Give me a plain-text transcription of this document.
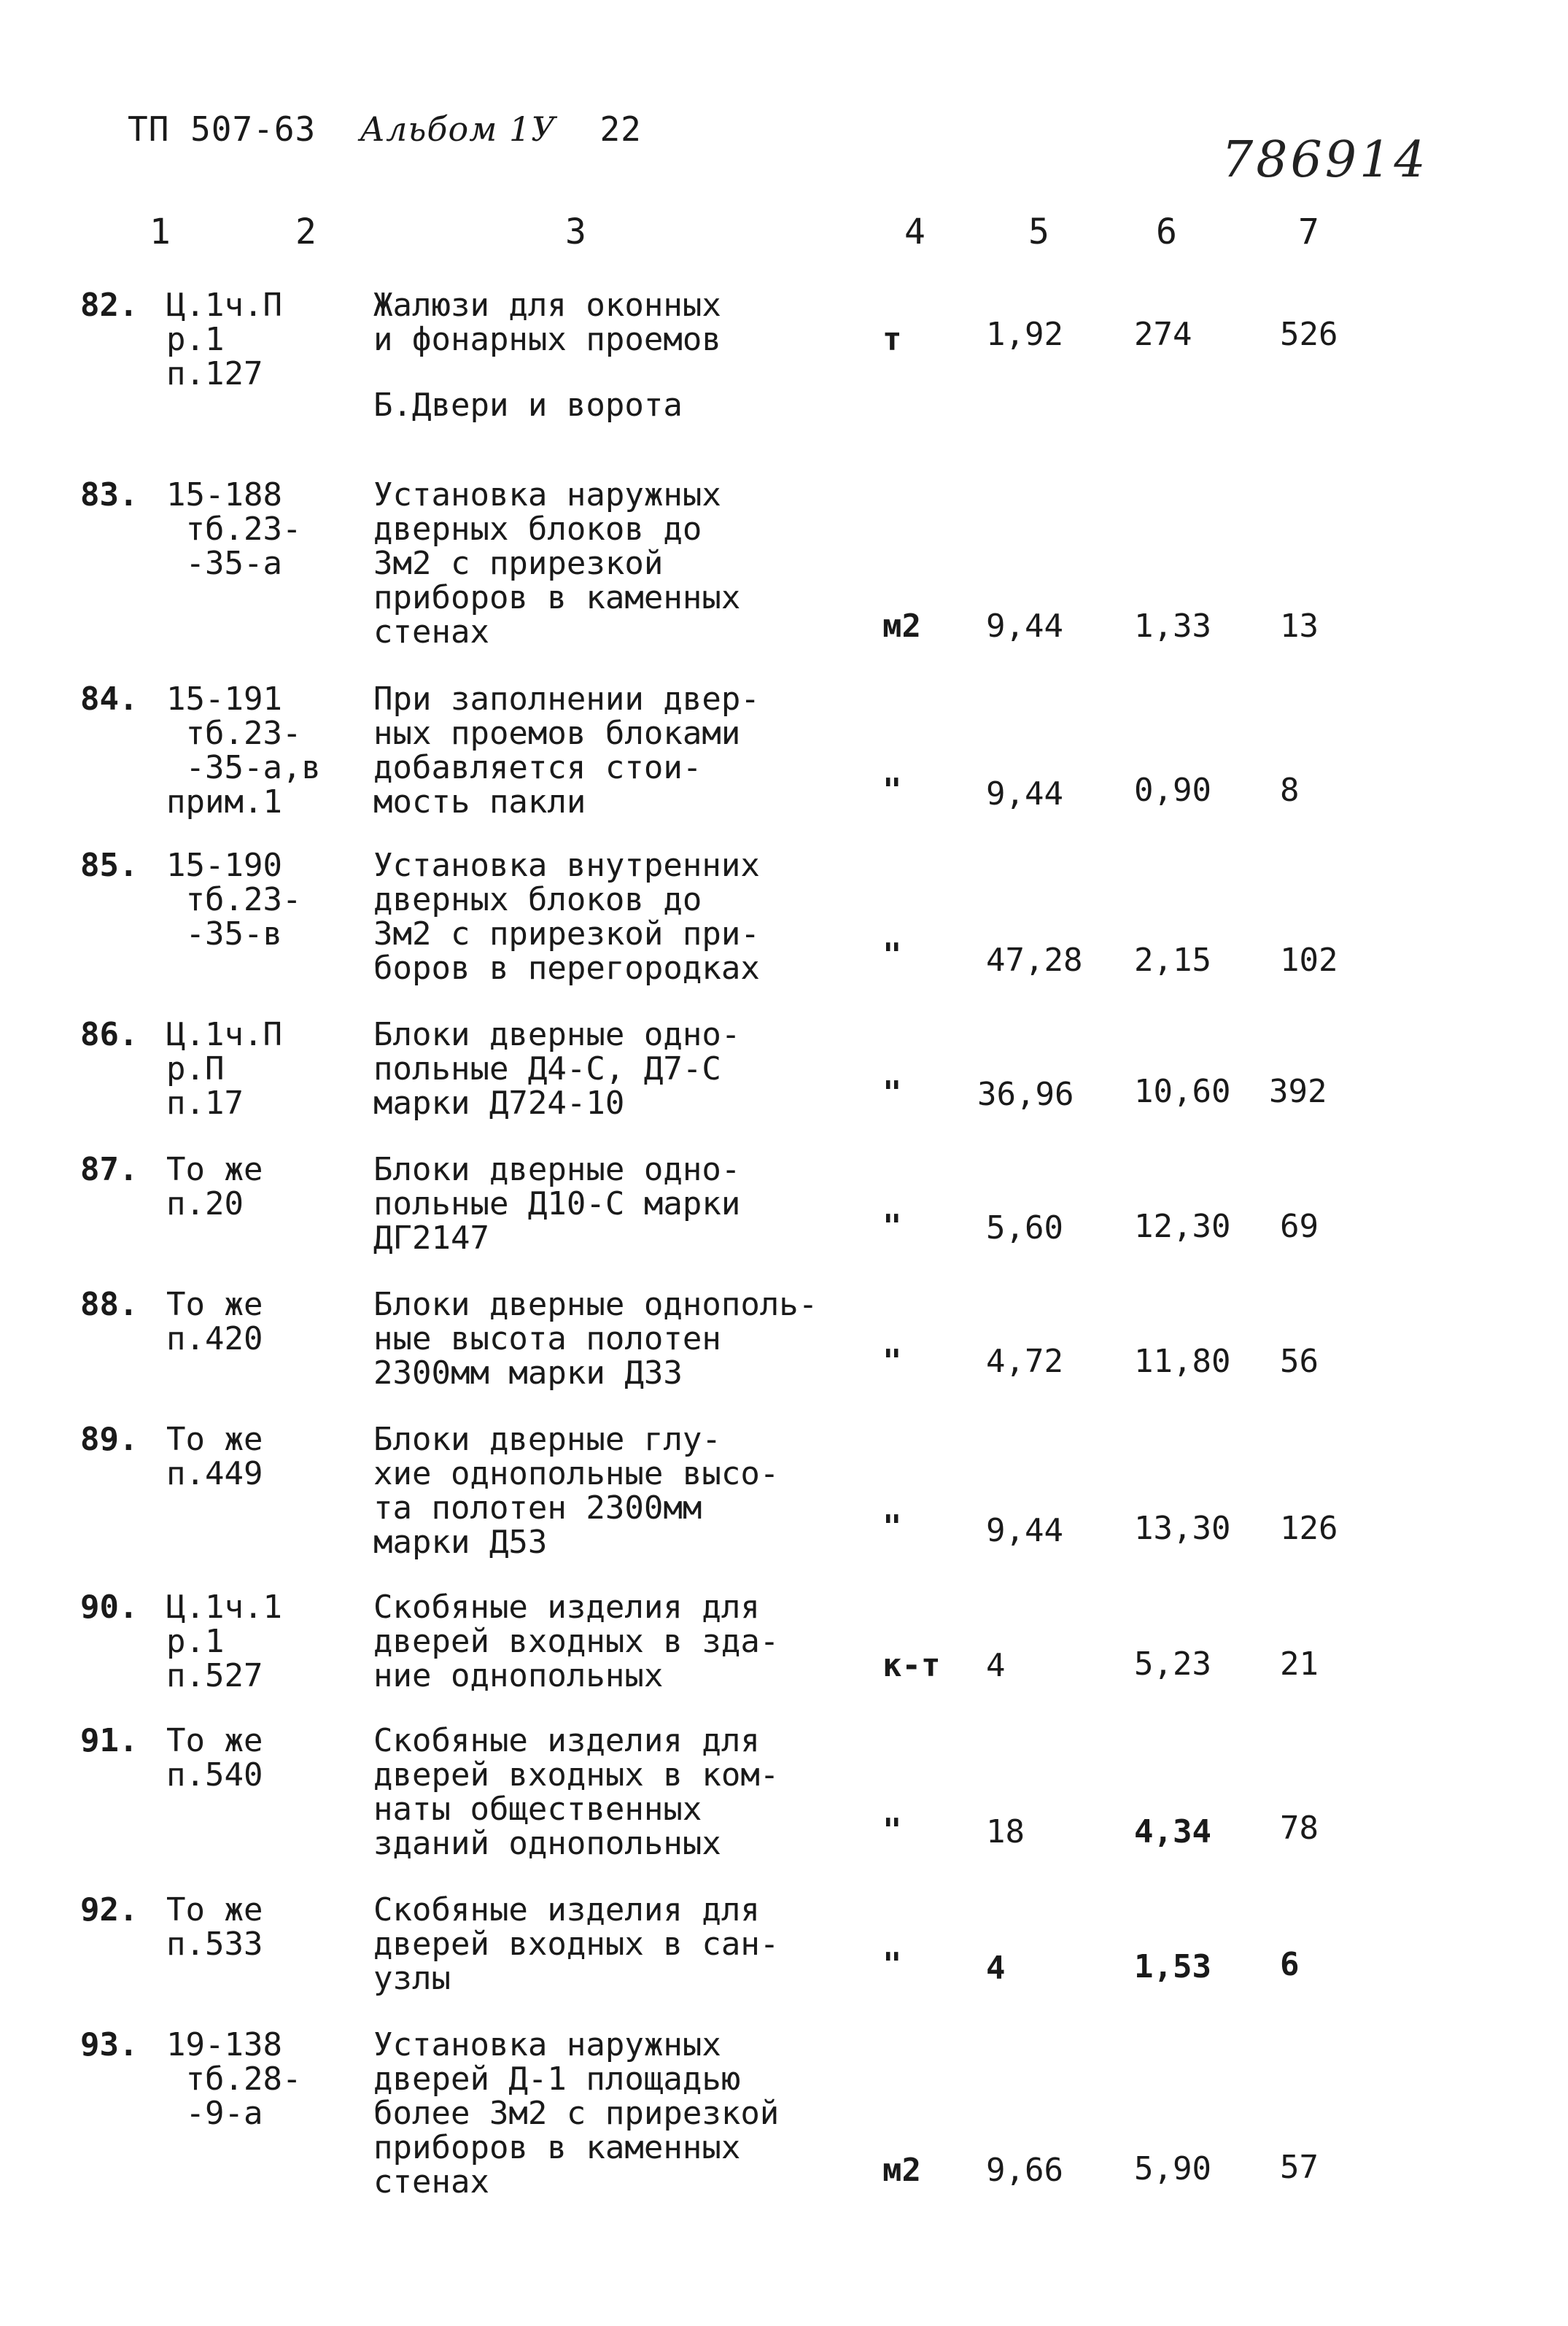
ТП 507-63 Альбом 1У 22
786914
1	2	3	4	5	6	7
82. Ц.1ч.П
р.1
п.127
Жалюзи для оконных
и фонарных проемов	т	1,92 274	526
Б.Двери и ворота
83. 15-188
тб.23-
-35-а
Установка наружных
дверных блоков до
3м2 с прирезкой
приборов в каменных
стенах	м2 9,44 1,33 13
84. 15-191
тб.23-
-35-а,в
прим.1
При заполнении двер-
ных проемов блоками
добавляется стои-
мость пакли	"	9,44 0,90 8
85. 15-190
тб.23-
-35-в
Установка внутренних
дверных блоков до
3м2 с прирезкой при-
боров в перегородках	"	47,28 2,15 102
86. Ц.1ч.П
р.П
п.17
Блоки дверные одно-
польные Д4-С, Д7-С
марки Д724-10	" 36,96 10,60 392
87. То же
п.20
Блоки дверные одно-
польные Д10-С марки
ДГ2147	"	5,60 12,30 69
88. То же
п.420
Блоки дверные однополь-
ные высота полотен
2300мм марки Д33	"	4,72 11,80 56
89. То же
п.449
Блоки дверные глу-
хие однопольные высо-
та полотен 2300мм
марки Д53	"	9,44 13,30 126
90. Ц.1ч.1
р.1
п.527
Скобяные изделия для
дверей входных в зда-
ние однопольных	к-т 4	5,23 21
91. То же
п.540
Скобяные изделия для
дверей входных в ком-
наты общественных
зданий однопольных	"	18	4,34 78
92. То же
п.533
Скобяные изделия для
дверей входных в сан-
узлы	"	4	1,53 6
93. 19-138
тб.28-
-9-а
Установка наружных
дверей Д-1 площадью
более 3м2 с прирезкой
приборов в каменных
стенах	м2 9,66 5,90 57
